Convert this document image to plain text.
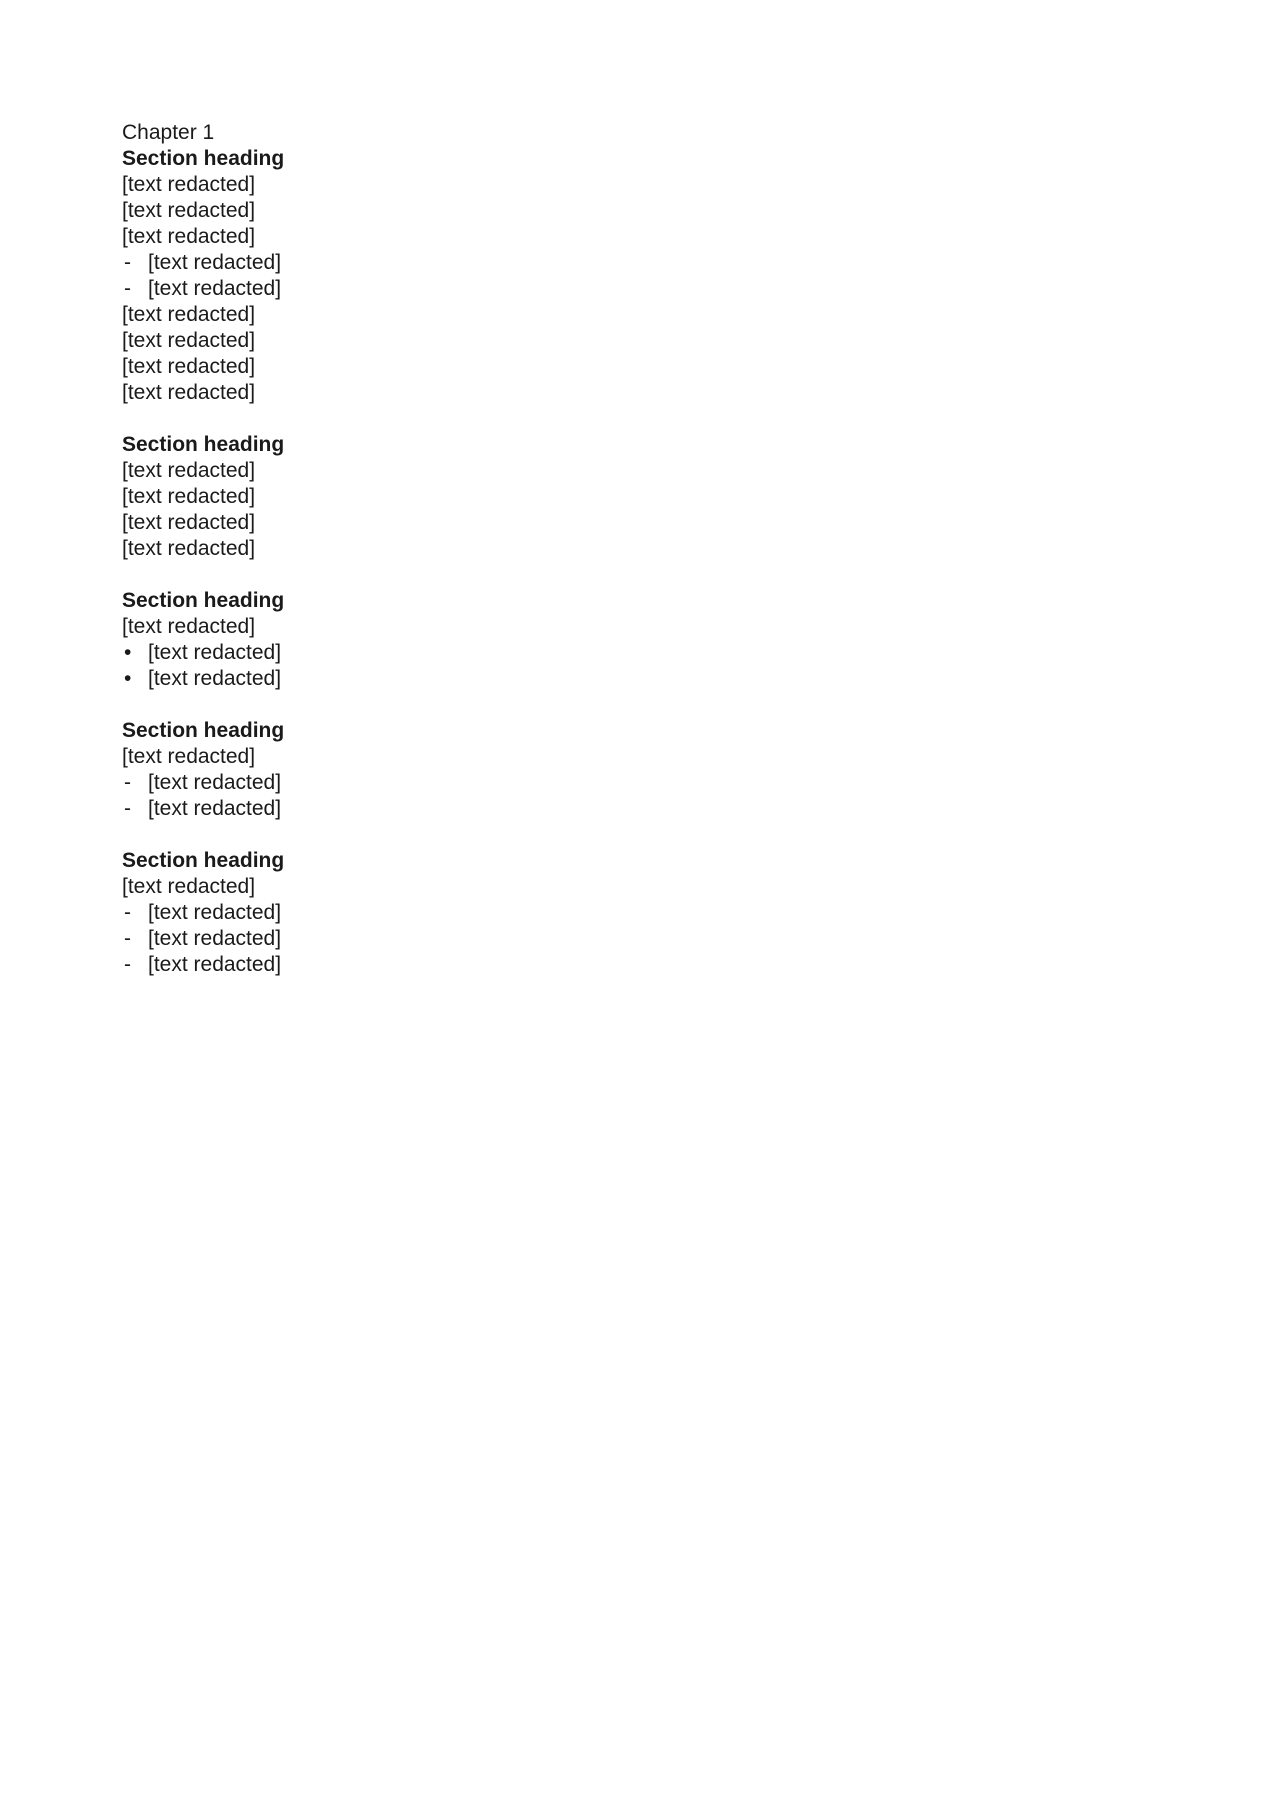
Chapter 1

Section heading

[text redacted]

[text redacted]

[text redacted]

- [text redacted]
- [text redacted]

[text redacted]

[text redacted]

[text redacted]

[text redacted]

Section heading

[text redacted]

[text redacted]

[text redacted]

[text redacted]

Section heading

[text redacted]

• [text redacted]
• [text redacted]

Section heading

[text redacted]

- [text redacted]
- [text redacted]

Section heading

[text redacted]

- [text redacted]
- [text redacted]
- [text redacted]
